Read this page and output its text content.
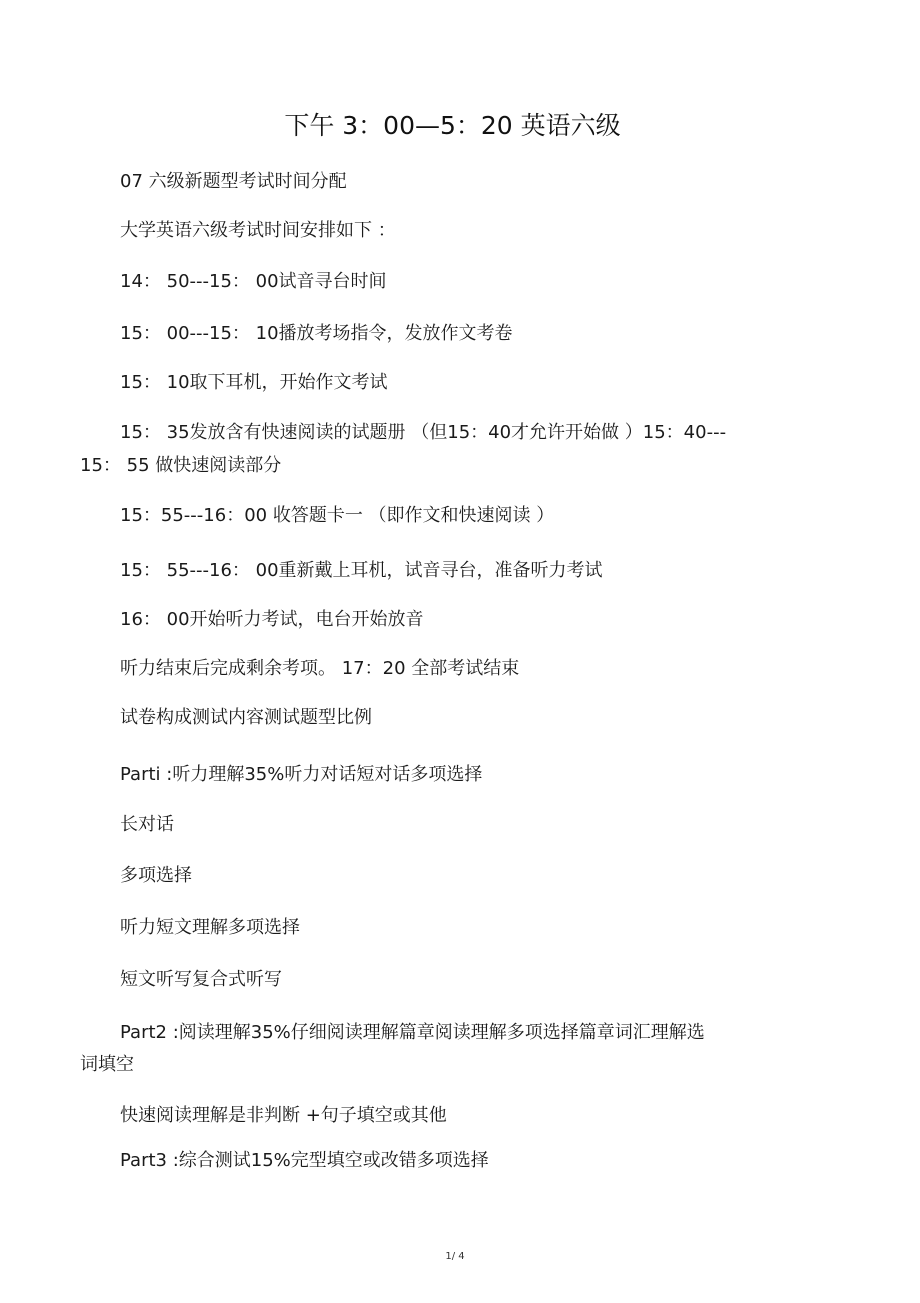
下午 3：00—5：20 英语六级
07 六级新题型考试时间分配
大学英语六级考试时间安排如下 ：
14： 50---15： 00试音寻台时间
15： 00---15： 10播放考场指令，发放作文考卷
15： 10取下耳机，开始作文考试
15： 35发放含有快速阅读的试题册 （但15：40才允许开始做 ）15：40---
15： 55 做快速阅读部分
15：55---16：00 收答题卡一 （即作文和快速阅读 ）
15： 55---16： 00重新戴上耳机，试音寻台，准备听力考试
16： 00开始听力考试，电台开始放音
听力结束后完成剩余考项。 17：20 全部考试结束
试卷构成测试内容测试题型比例
Parti :听力理解35%听力对话短对话多项选择
长对话
多项选择
听力短文理解多项选择
短文听写复合式听写
Part2 :阅读理解35%仔细阅读理解篇章阅读理解多项选择篇章词汇理解选
词填空
快速阅读理解是非判断 +句子填空或其他
Part3 :综合测试15%完型填空或改错多项选择
1/ 4
